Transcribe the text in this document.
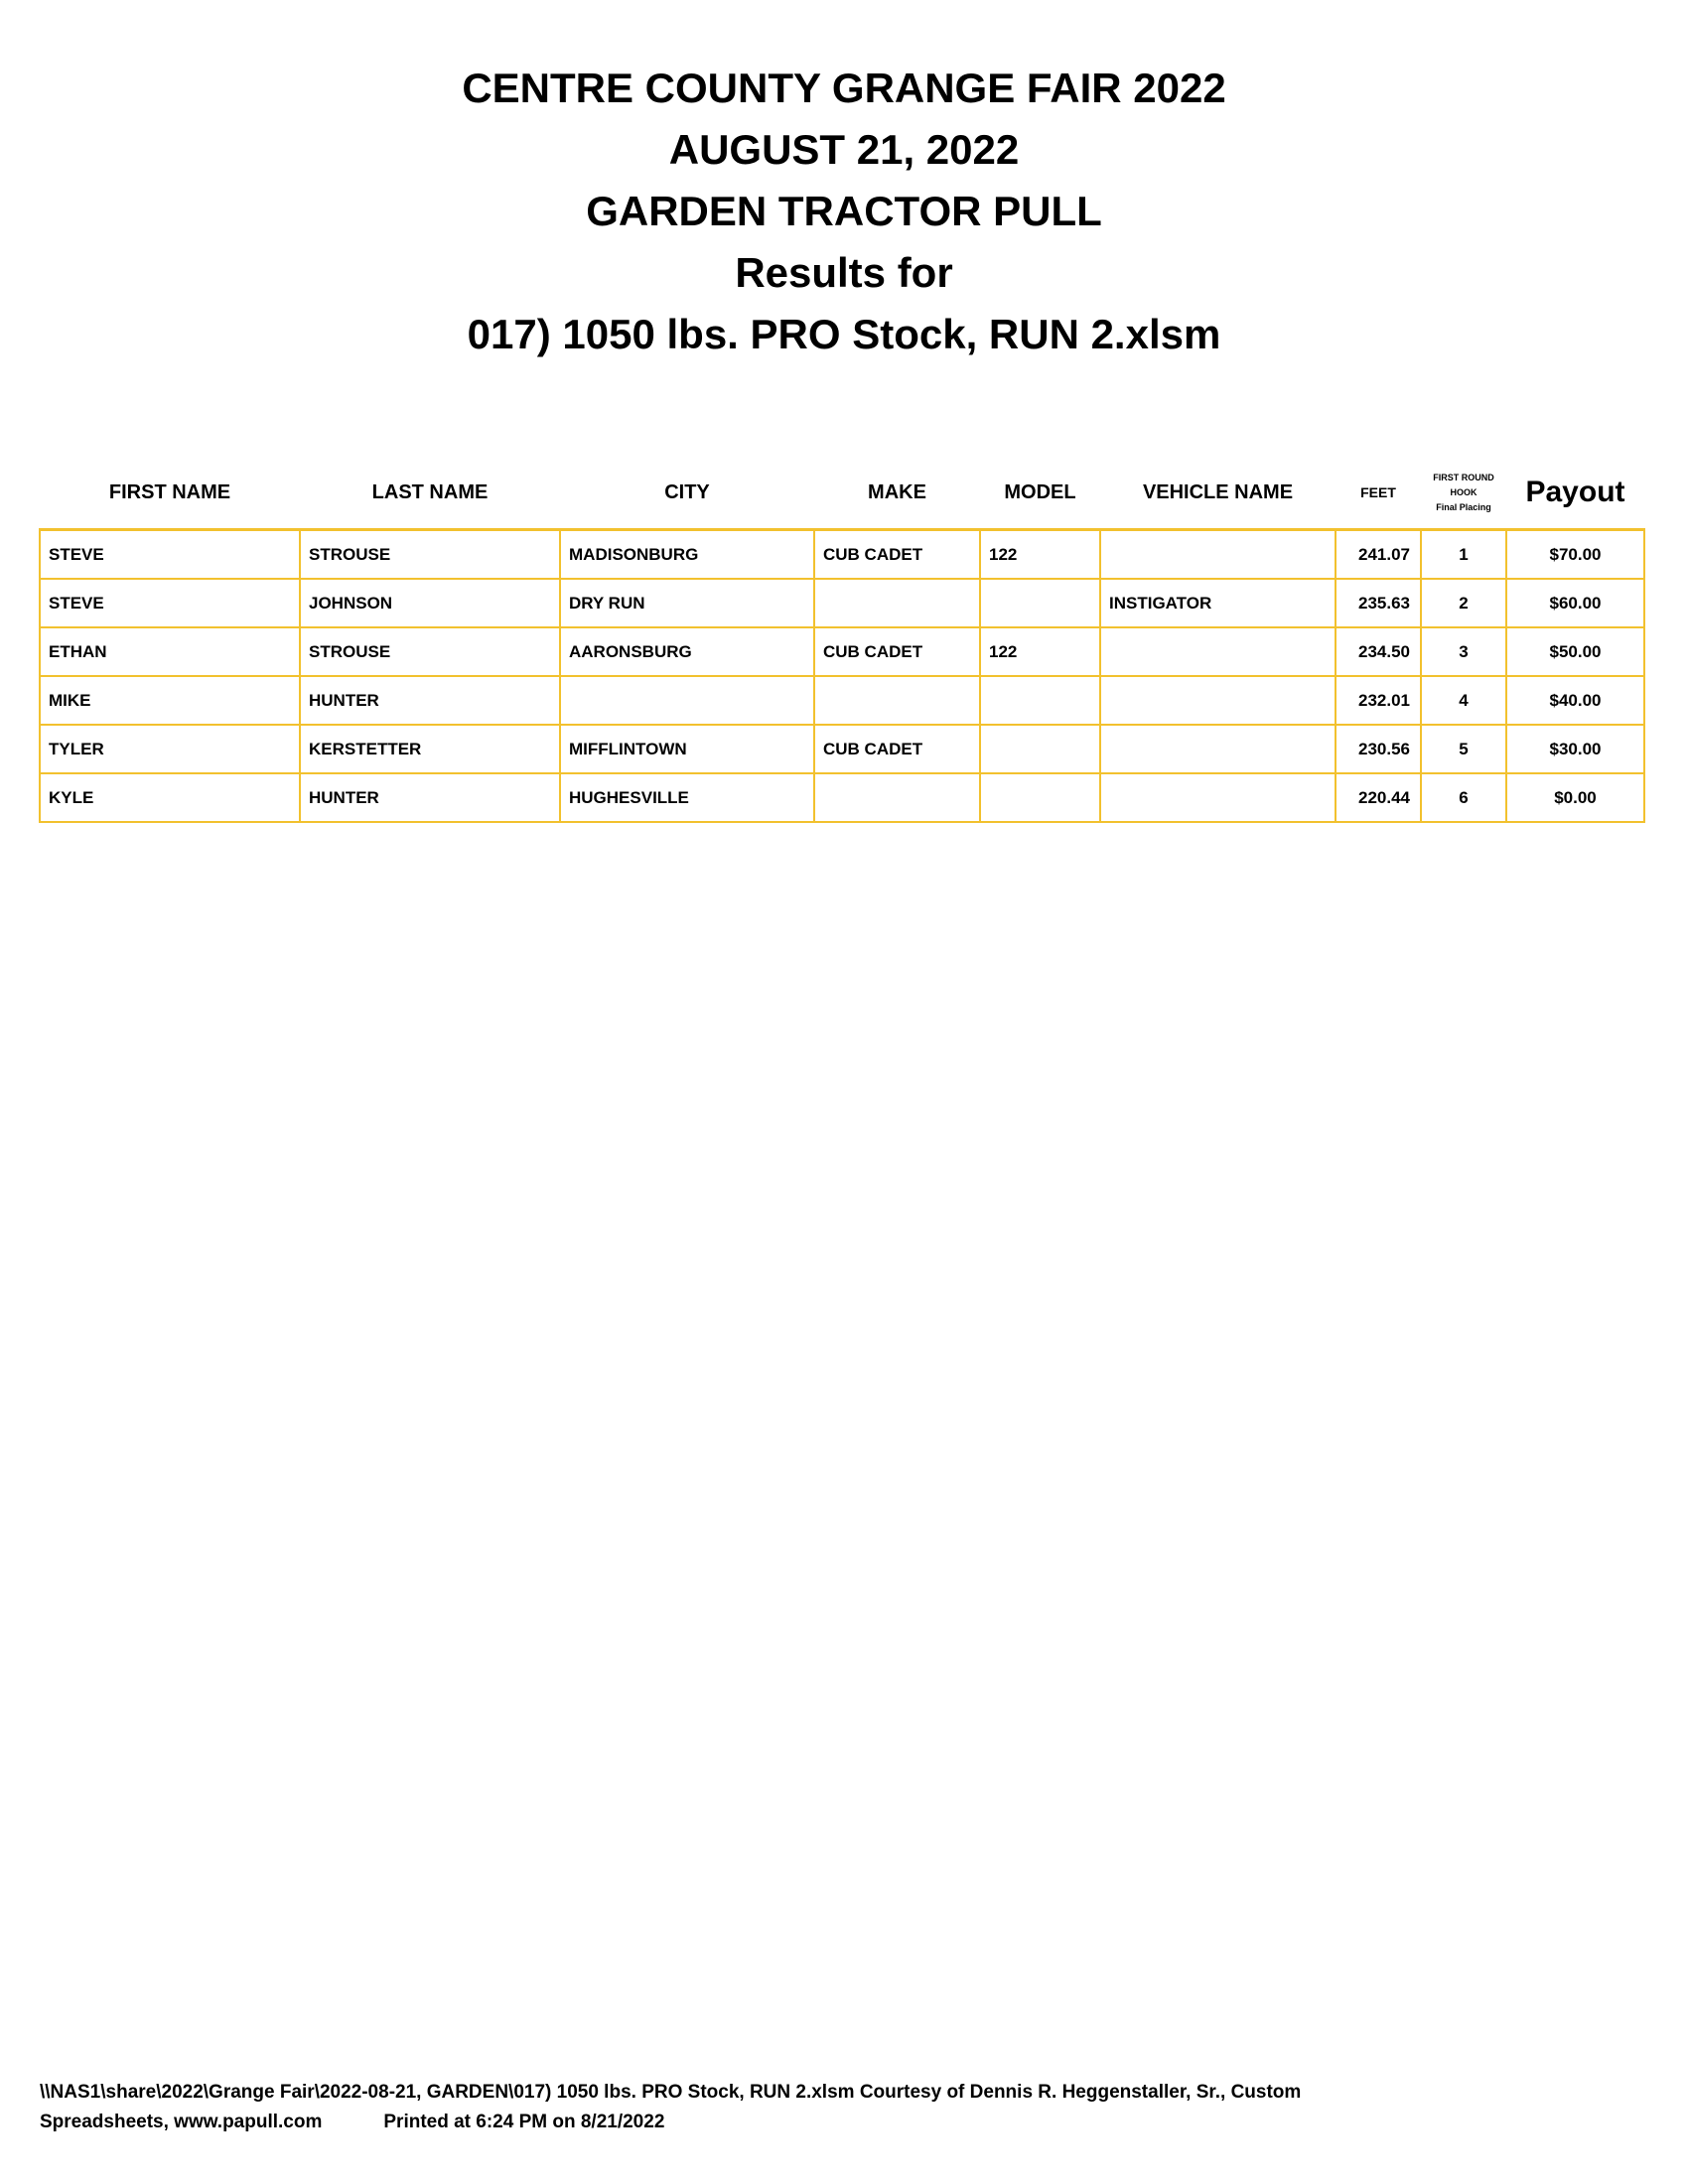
CENTRE COUNTY GRANGE FAIR 2022
AUGUST 21, 2022
GARDEN TRACTOR PULL
Results for
017) 1050 lbs. PRO Stock, RUN 2.xlsm
FIRST NAME	LAST NAME	CITY	MAKE	MODEL	VEHICLE NAME	FEET	FIRST ROUND
HOOK
Final Placing	Payout
STEVE	STROUSE	MADISONBURG	CUB CADET	122		241.07	1	$70.00
STEVE	JOHNSON	DRY RUN			INSTIGATOR	235.63	2	$60.00
ETHAN	STROUSE	AARONSBURG	CUB CADET	122		234.50	3	$50.00
MIKE	HUNTER					232.01	4	$40.00
TYLER	KERSTETTER	MIFFLINTOWN	CUB CADET			230.56	5	$30.00
KYLE	HUNTER	HUGHESVILLE				220.44	6	$0.00
\\NAS1\share\2022\Grange Fair\2022-08-21, GARDEN\017) 1050 lbs. PRO Stock, RUN 2.xlsm Courtesy of Dennis R. Heggenstaller, Sr., Custom
Spreadsheets, www.papull.com	Printed at 6:24 PM on 8/21/2022
